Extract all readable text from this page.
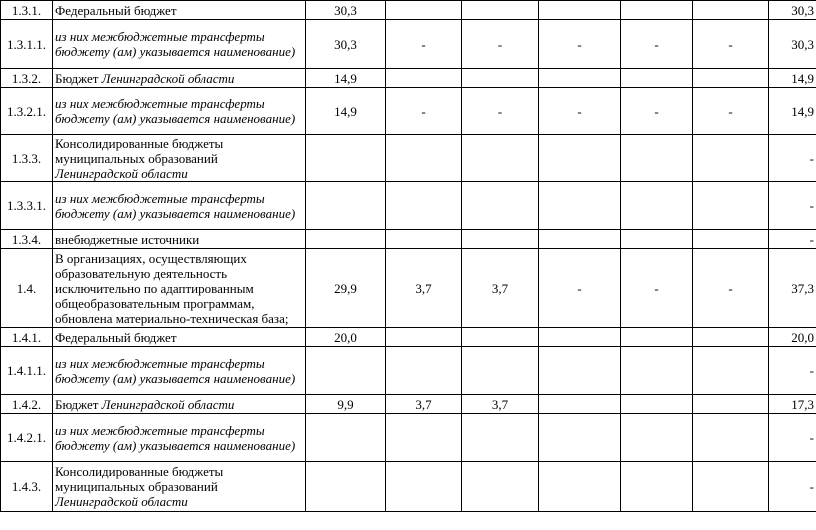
1.3.1.	Федеральный бюджет	30,3						30,3
1.3.1.1.	из них межбюджетные трансферты бюджету (ам) указывается наименование)	30,3	-	-	-	-	-	30,3
1.3.2.	Бюджет Ленинградской области	14,9						14,9
1.3.2.1.	из них межбюджетные трансферты бюджету (ам) указывается наименование)	14,9	-	-	-	-	-	14,9
1.3.3.	Консолидированные бюджеты муниципальных образований Ленинградской области							-
1.3.3.1.	из них межбюджетные трансферты бюджету (ам) указывается наименование)							-
1.3.4.	внебюджетные источники							-
1.4.	В организациях, осуществляющих образовательную деятельность исключительно по адаптированным общеобразовательным программам, обновлена материально-техническая база;	29,9	3,7	3,7	-	-	-	37,3
1.4.1.	Федеральный бюджет	20,0						20,0
1.4.1.1.	из них межбюджетные трансферты бюджету (ам) указывается наименование)							-
1.4.2.	Бюджет Ленинградской области	9,9	3,7	3,7				17,3
1.4.2.1.	из них межбюджетные трансферты бюджету (ам) указывается наименование)							-
1.4.3.	Консолидированные бюджеты муниципальных образований Ленинградской области							-
